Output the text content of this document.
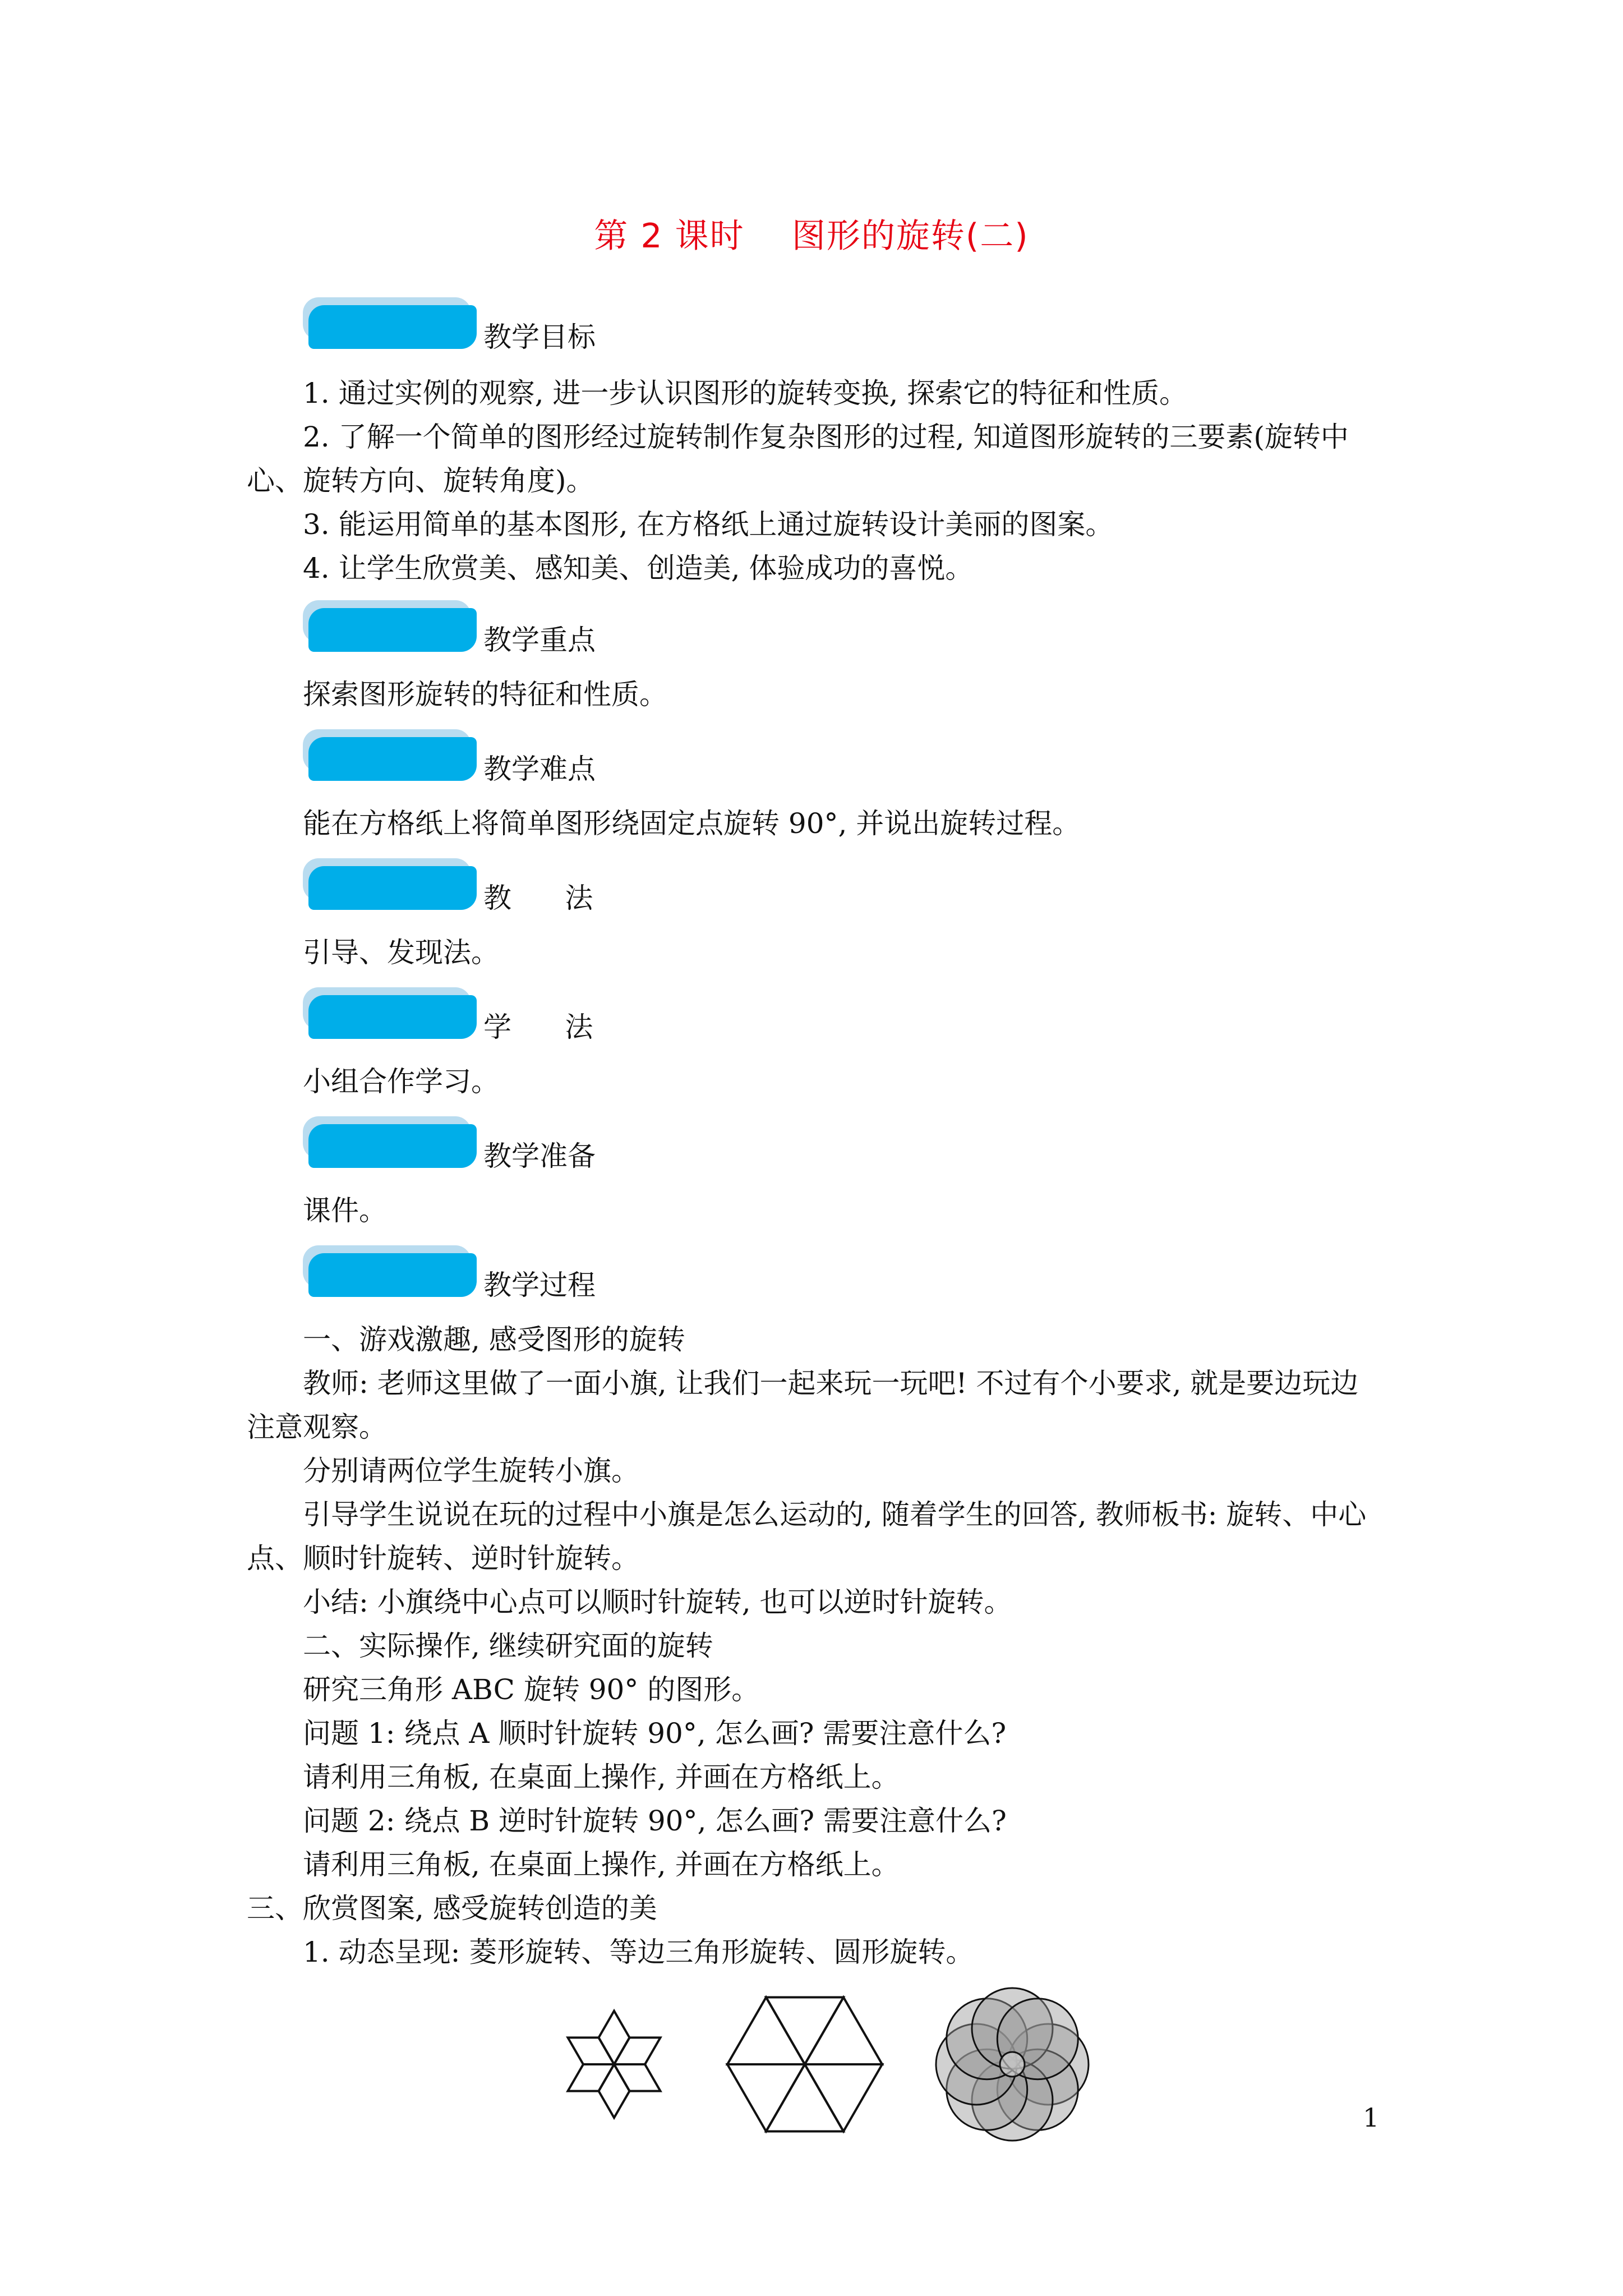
第 2 课时    图形的旋转(二)
教学目标
1. 通过实例的观察, 进一步认识图形的旋转变换, 探索它的特征和性质。
2. 了解一个简单的图形经过旋转制作复杂图形的过程, 知道图形旋转的三要素(旋转中
心、旋转方向、旋转角度)。
3. 能运用简单的基本图形, 在方格纸上通过旋转设计美丽的图案。
4. 让学生欣赏美、感知美、创造美, 体验成功的喜悦。
教学重点
探索图形旋转的特征和性质。
教学难点
能在方格纸上将简单图形绕固定点旋转 90°, 并说出旋转过程。
教      法
引导、发现法。
学      法
小组合作学习。
教学准备
课件。
教学过程
一、游戏激趣, 感受图形的旋转
教师: 老师这里做了一面小旗, 让我们一起来玩一玩吧! 不过有个小要求, 就是要边玩边
注意观察。
分别请两位学生旋转小旗。
引导学生说说在玩的过程中小旗是怎么运动的, 随着学生的回答, 教师板书: 旋转、中心
点、顺时针旋转、逆时针旋转。
小结: 小旗绕中心点可以顺时针旋转, 也可以逆时针旋转。
二、实际操作, 继续研究面的旋转
研究三角形 ABC 旋转 90° 的图形。
问题 1: 绕点 A 顺时针旋转 90°, 怎么画? 需要注意什么?
请利用三角板, 在桌面上操作, 并画在方格纸上。
问题 2: 绕点 B 逆时针旋转 90°, 怎么画? 需要注意什么?
请利用三角板, 在桌面上操作, 并画在方格纸上。
三、欣赏图案, 感受旋转创造的美
1. 动态呈现: 菱形旋转、等边三角形旋转、圆形旋转。
1
